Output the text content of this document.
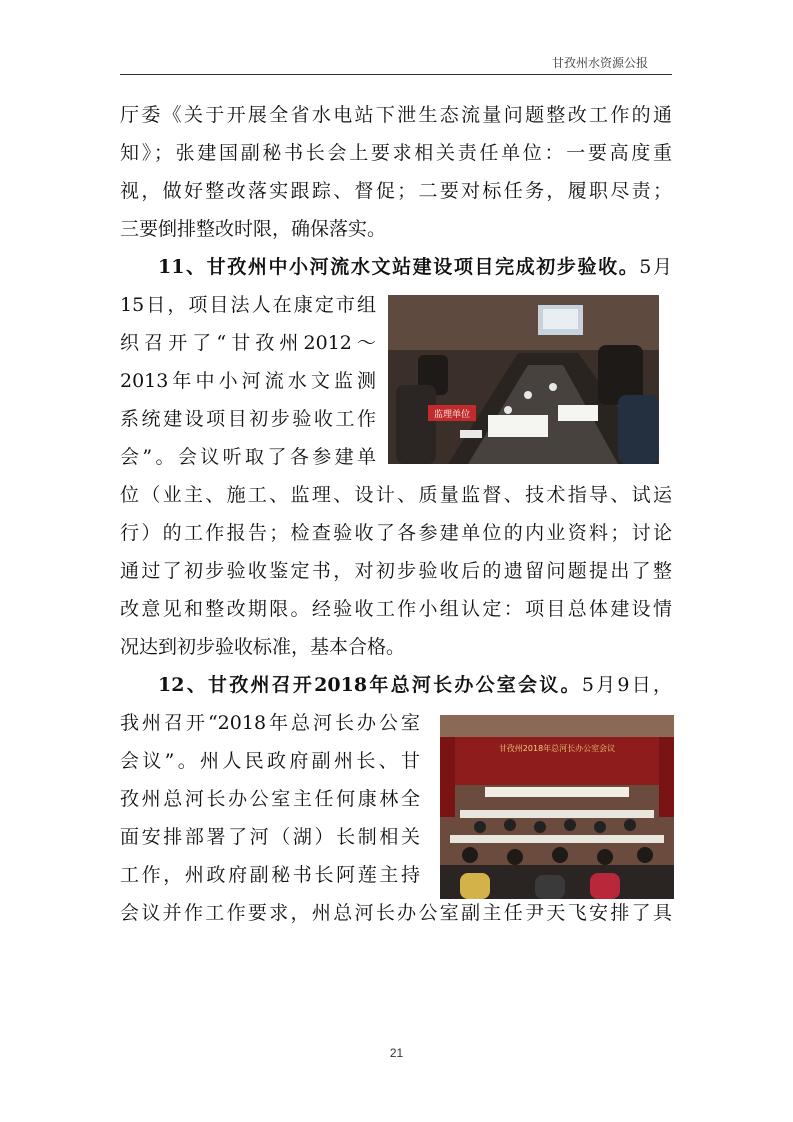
甘孜州水资源公报

厅委《关于开展全省水电站下泄生态流量问题整改工作的通

知》；张建国副秘书长会上要求相关责任单位：一要高度重

视，做好整改落实跟踪、督促；二要对标任务，履职尽责；

三要倒排整改时限，确保落实。

11、甘孜州中小河流水文站建设项目完成初步验收。5月

15日，项目法人在康定市组

织召开了“甘孜州2012～

2013年中小河流水文监测

系统建设项目初步验收工作

会”。会议听取了各参建单

监理单位

位（业主、施工、监理、设计、质量监督、技术指导、试运

行）的工作报告；检查验收了各参建单位的内业资料；讨论

通过了初步验收鉴定书，对初步验收后的遗留问题提出了整

改意见和整改期限。经验收工作小组认定：项目总体建设情

况达到初步验收标准，基本合格。

12、甘孜州召开2018年总河长办公室会议。5月9日，

我州召开“2018年总河长办公室

会议”。州人民政府副州长、甘

孜州总河长办公室主任何康林全

面安排部署了河（湖）长制相关

工作，州政府副秘书长阿莲主持

甘孜州2018年总河长办公室会议

会议并作工作要求，州总河长办公室副主任尹天飞安排了具

21
